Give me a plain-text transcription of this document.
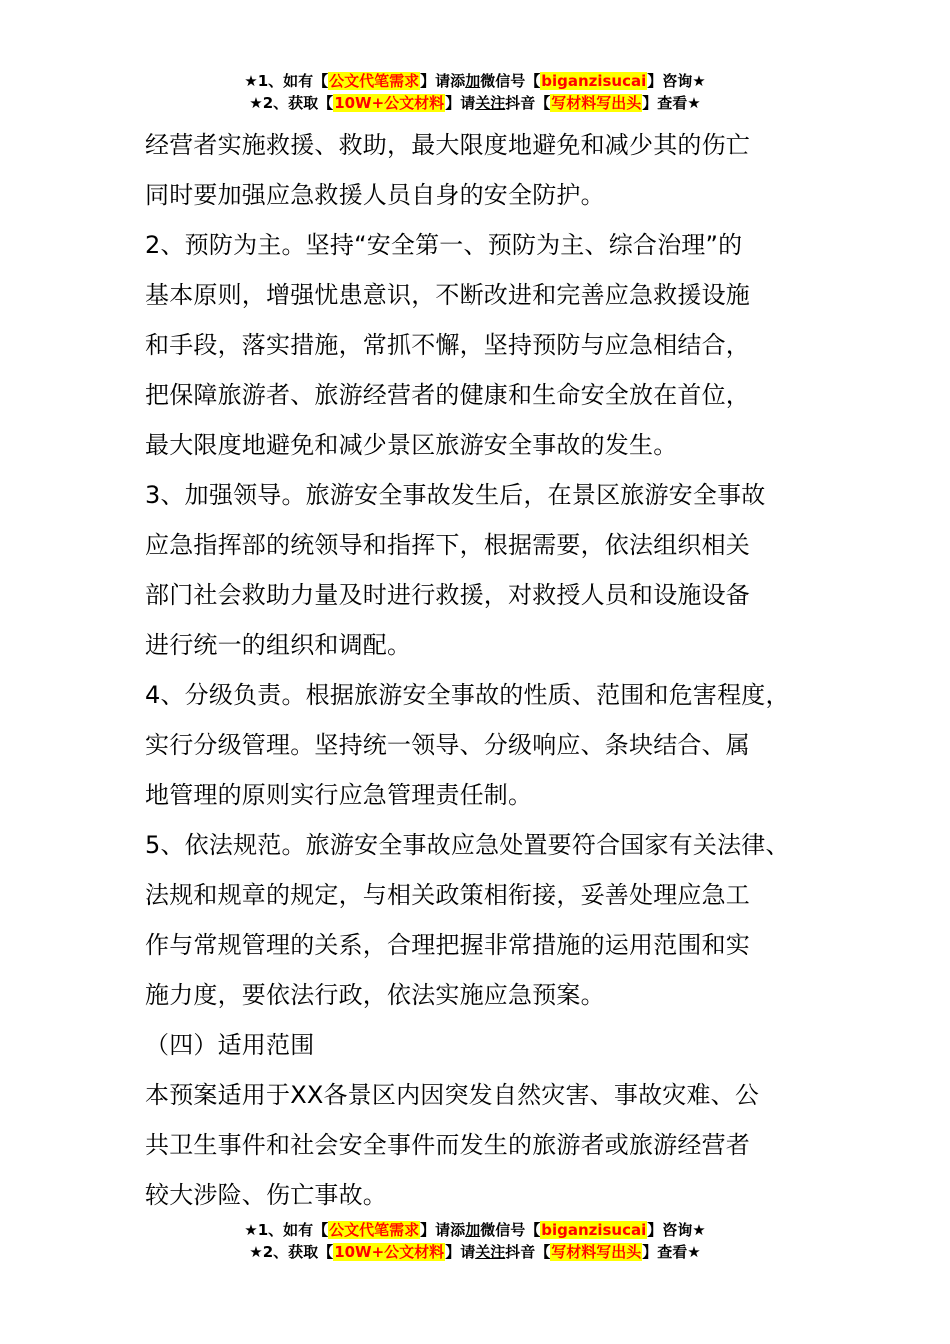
★1、如有【公文代笔需求】请添加微信号【biganzisucai】咨询★
★2、获取【10W+公文材料】请关注抖音【写材料写出头】查看★
经营者实施救援、救助，最大限度地避免和减少其的伤亡
同时要加强应急救援人员自身的安全防护。
2、预防为主。坚持“安全第一、预防为主、综合治理”的
基本原则，增强忧患意识，不断改进和完善应急救援设施
和手段，落实措施，常抓不懈，坚持预防与应急相结合，
把保障旅游者、旅游经营者的健康和生命安全放在首位，
最大限度地避免和减少景区旅游安全事故的发生。
3、加强领导。旅游安全事故发生后，在景区旅游安全事故
应急指挥部的统领导和指挥下，根据需要，依法组织相关
部门社会救助力量及时进行救援，对救授人员和设施设备
进行统一的组织和调配。
4、分级负责。根据旅游安全事故的性质、范围和危害程度，
实行分级管理。坚持统一领导、分级响应、条块结合、属
地管理的原则实行应急管理责任制。
5、依法规范。旅游安全事故应急处置要符合国家有关法律、
法规和规章的规定，与相关政策相衔接，妥善处理应急工
作与常规管理的关系，合理把握非常措施的运用范围和实
施力度，要依法行政，依法实施应急预案。
（四）适用范围
本预案适用于XX各景区内因突发自然灾害、事故灾难、公
共卫生事件和社会安全事件而发生的旅游者或旅游经营者
较大涉险、伤亡事故。
★1、如有【公文代笔需求】请添加微信号【biganzisucai】咨询★
★2、获取【10W+公文材料】请关注抖音【写材料写出头】查看★
